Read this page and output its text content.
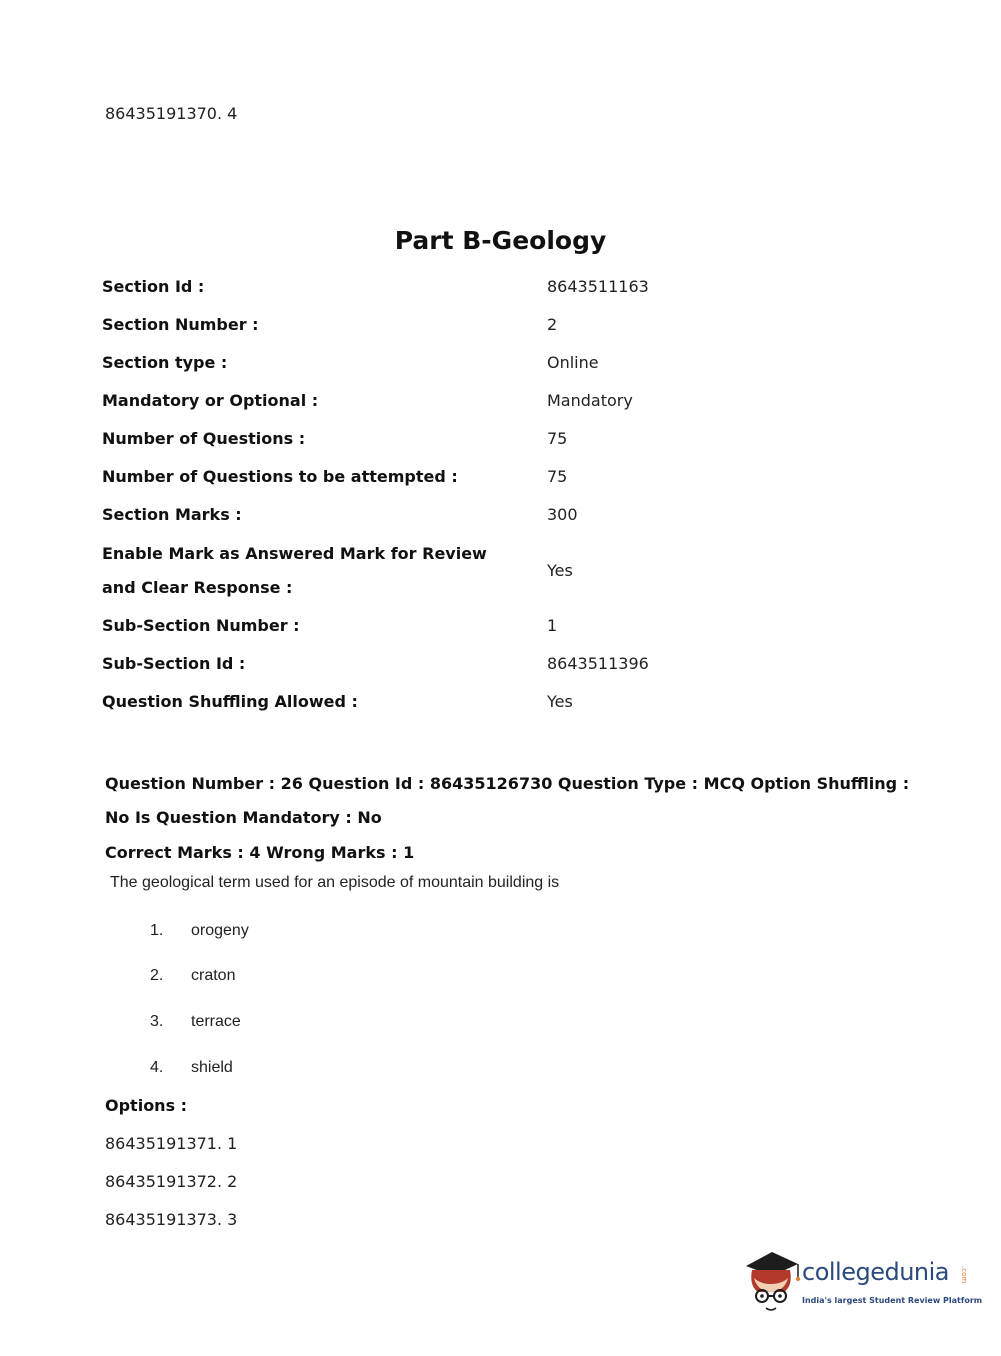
86435191370. 4
Part B-Geology
Section Id :	8643511163
Section Number :	2
Section type :	Online
Mandatory or Optional :	Mandatory
Number of Questions :	75
Number of Questions to be attempted :	75
Section Marks :	300
Enable Mark as Answered Mark for Review and Clear Response :
Yes
Sub-Section Number :	1
Sub-Section Id :	8643511396
Question Shuffling Allowed :	Yes
Question Number : 26 Question Id : 86435126730 Question Type : MCQ Option Shuffling : No Is Question Mandatory : No
Correct Marks : 4 Wrong Marks : 1
The geological term used for an episode of mountain building is
1. orogeny
2. craton
3. terrace
4. shield
Options :
86435191371. 1
86435191372. 2
86435191373. 3
collegedunia .com
India's largest Student Review Platform
